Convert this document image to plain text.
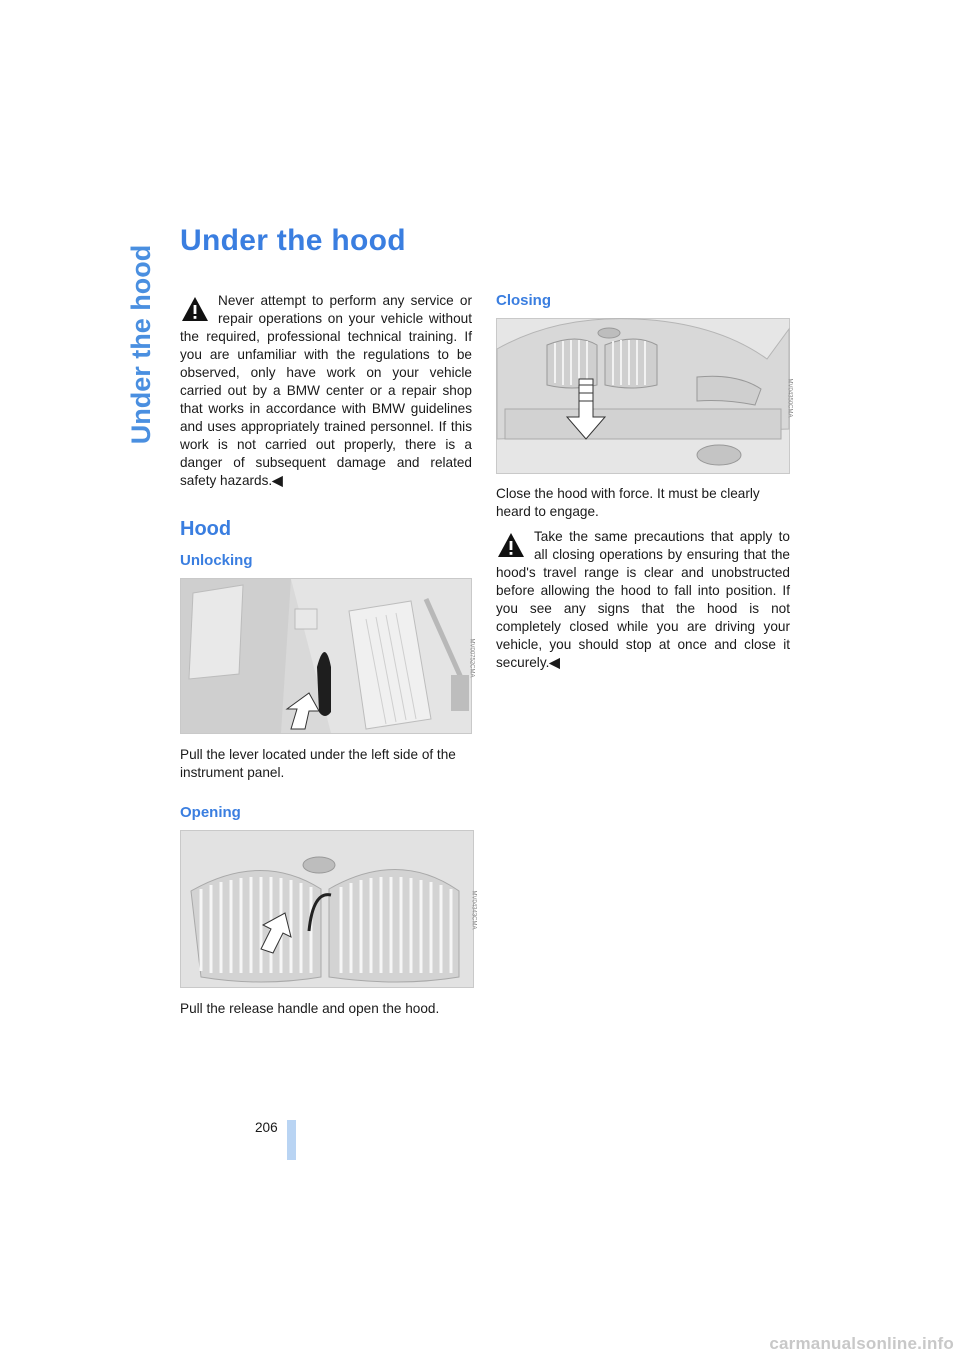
Under the hood
Under the hood

Never attempt to perform any service or repair operations on your vehicle without the required, professional technical training. If you are unfamiliar with the regulations to be observed, only have work on your vehicle carried out by a BMW center or a repair shop that works in accordance with BMW guidelines and uses appropriately trained personnel. If this work is not carried out properly, there is a danger of subsequent damage and related safety hazards.◀

Hood
Unlocking
MV00752CMA

Pull the lever located under the left side of the instrument panel.

Opening
MV04343CMA

Pull the release handle and open the hood.

Closing
MV04350CMA

Close the hood with force. It must be clearly heard to engage.

Take the same precautions that apply to all closing operations by ensuring that the hood's travel range is clear and unobstructed before allowing the hood to fall into position. If you see any signs that the hood is not completely closed while you are driving your vehicle, you should stop at once and close it securely.◀

206
carmanualsonline.info
